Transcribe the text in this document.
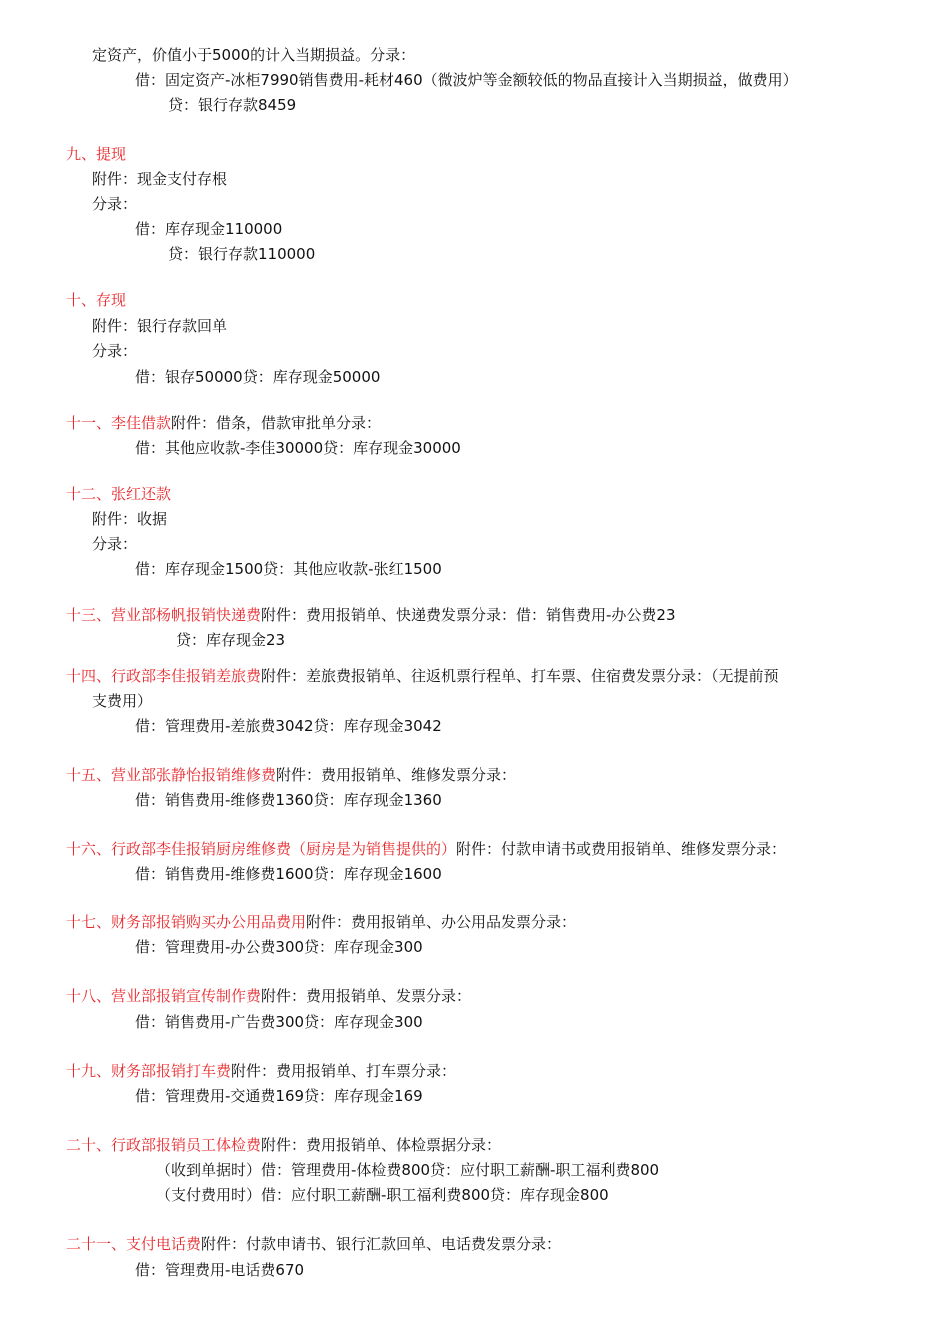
定资产，价值小于5000的计入当期损益。分录：
借：固定资产-冰柜7990销售费用-耗材460（微波炉等金额较低的物品直接计入当期损益，做费用）
贷：银行存款8459
九、提现
附件：现金支付存根
分录：
借：库存现金110000
贷：银行存款110000
十、存现
附件：银行存款回单
分录：
借：银存50000贷：库存现金50000
十一、李佳借款附件：借条，借款审批单分录：
借：其他应收款-李佳30000贷：库存现金30000
十二、张红还款
附件：收据
分录：
借：库存现金1500贷：其他应收款-张红1500
十三、营业部杨帆报销快递费附件：费用报销单、快递费发票分录：借：销售费用-办公费23
贷：库存现金23
十四、行政部李佳报销差旅费附件：差旅费报销单、往返机票行程单、打车票、住宿费发票分录：（无提前预
支费用）
借：管理费用-差旅费3042贷：库存现金3042
十五、营业部张静怡报销维修费附件：费用报销单、维修发票分录：
借：销售费用-维修费1360贷：库存现金1360
十六、行政部李佳报销厨房维修费（厨房是为销售提供的）附件：付款申请书或费用报销单、维修发票分录：
借：销售费用-维修费1600贷：库存现金1600
十七、财务部报销购买办公用品费用附件：费用报销单、办公用品发票分录：
借：管理费用-办公费300贷：库存现金300
十八、营业部报销宣传制作费附件：费用报销单、发票分录：
借：销售费用-广告费300贷：库存现金300
十九、财务部报销打车费附件：费用报销单、打车票分录：
借：管理费用-交通费169贷：库存现金169
二十、行政部报销员工体检费附件：费用报销单、体检票据分录：
（收到单据时）借：管理费用-体检费800贷：应付职工薪酬-职工福利费800
（支付费用时）借：应付职工薪酬-职工福利费800贷：库存现金800
二十一、支付电话费附件：付款申请书、银行汇款回单、电话费发票分录：
借：管理费用-电话费670
